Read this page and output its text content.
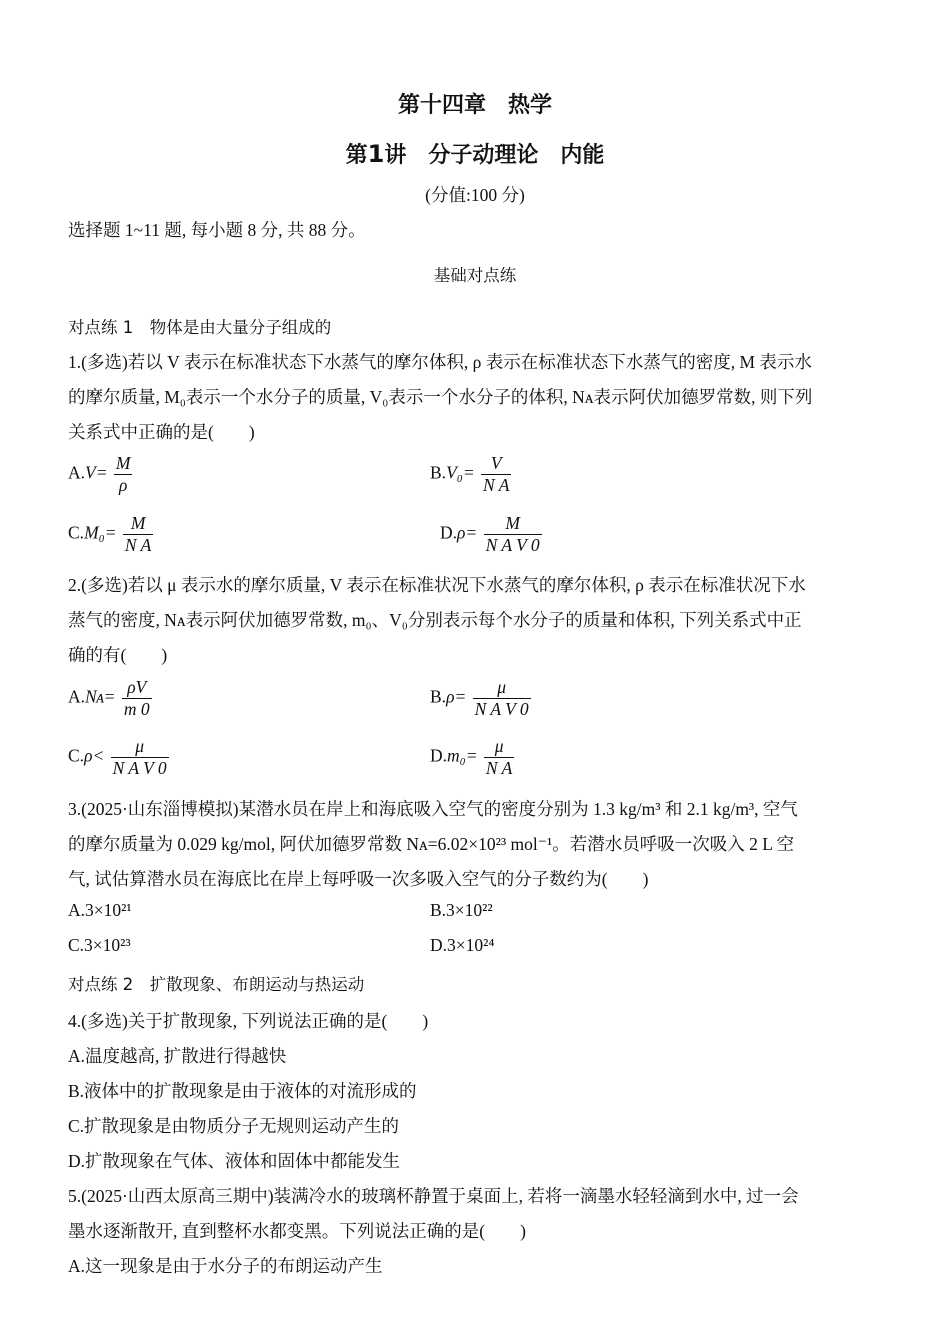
第十四章　热学
第1讲　分子动理论　内能
(分值:100 分)
选择题 1~11 题, 每小题 8 分, 共 88 分。
基础对点练
对点练 1　物体是由大量分子组成的
1.(多选)若以 V 表示在标准状态下水蒸气的摩尔体积, ρ 表示在标准状态下水蒸气的密度, M 表示水
的摩尔质量, M₀表示一个水分子的质量, V₀表示一个水分子的体积, Nᴀ表示阿伏加德罗常数, 则下列
关系式中正确的是(　　)
$A.V= \frac{M}{\rho}$	$B.V_0= \frac{V}{\text{N A}}$
$C.M_0= \frac{M}{\text{N A}}$	$D.\rho= \frac{M}{\text{N A V 0}}$
2.(多选)若以 μ 表示水的摩尔质量, V 表示在标准状况下水蒸气的摩尔体积, ρ 表示在标准状况下水
蒸气的密度, Nᴀ表示阿伏加德罗常数, m₀、V₀分别表示每个水分子的质量和体积, 下列关系式中正
确的有(　　)
A.Nᴀ= $\frac{\rho V}{m 0}$	$B.\rho= \frac{\mu}{\text{N A V 0}}$
$C.\rho< \frac{\mu}{\text{N A V 0}}$	$D.m_0= \frac{\mu}{\text{N A}}$
3.(2025·山东淄博模拟)某潜水员在岸上和海底吸入空气的密度分别为 1.3 kg/m³ 和 2.1 kg/m³, 空气
的摩尔质量为 0.029 kg/mol, 阿伏加德罗常数 Nᴀ=6.02×10²³ mol⁻¹。若潜水员呼吸一次吸入 2 L 空
气, 试估算潜水员在海底比在岸上每呼吸一次多吸入空气的分子数约为(　　)
A.3×10²¹	B.3×10²²
C.3×10²³	D.3×10²⁴
对点练 2　扩散现象、布朗运动与热运动
4.(多选)关于扩散现象, 下列说法正确的是(　　)
A.温度越高, 扩散进行得越快
B.液体中的扩散现象是由于液体的对流形成的
C.扩散现象是由物质分子无规则运动产生的
D.扩散现象在气体、液体和固体中都能发生
5.(2025·山西太原高三期中)装满冷水的玻璃杯静置于桌面上, 若将一滴墨水轻轻滴到水中, 过一会
墨水逐渐散开, 直到整杯水都变黑。下列说法正确的是(　　)
A.这一现象是由于水分子的布朗运动产生
